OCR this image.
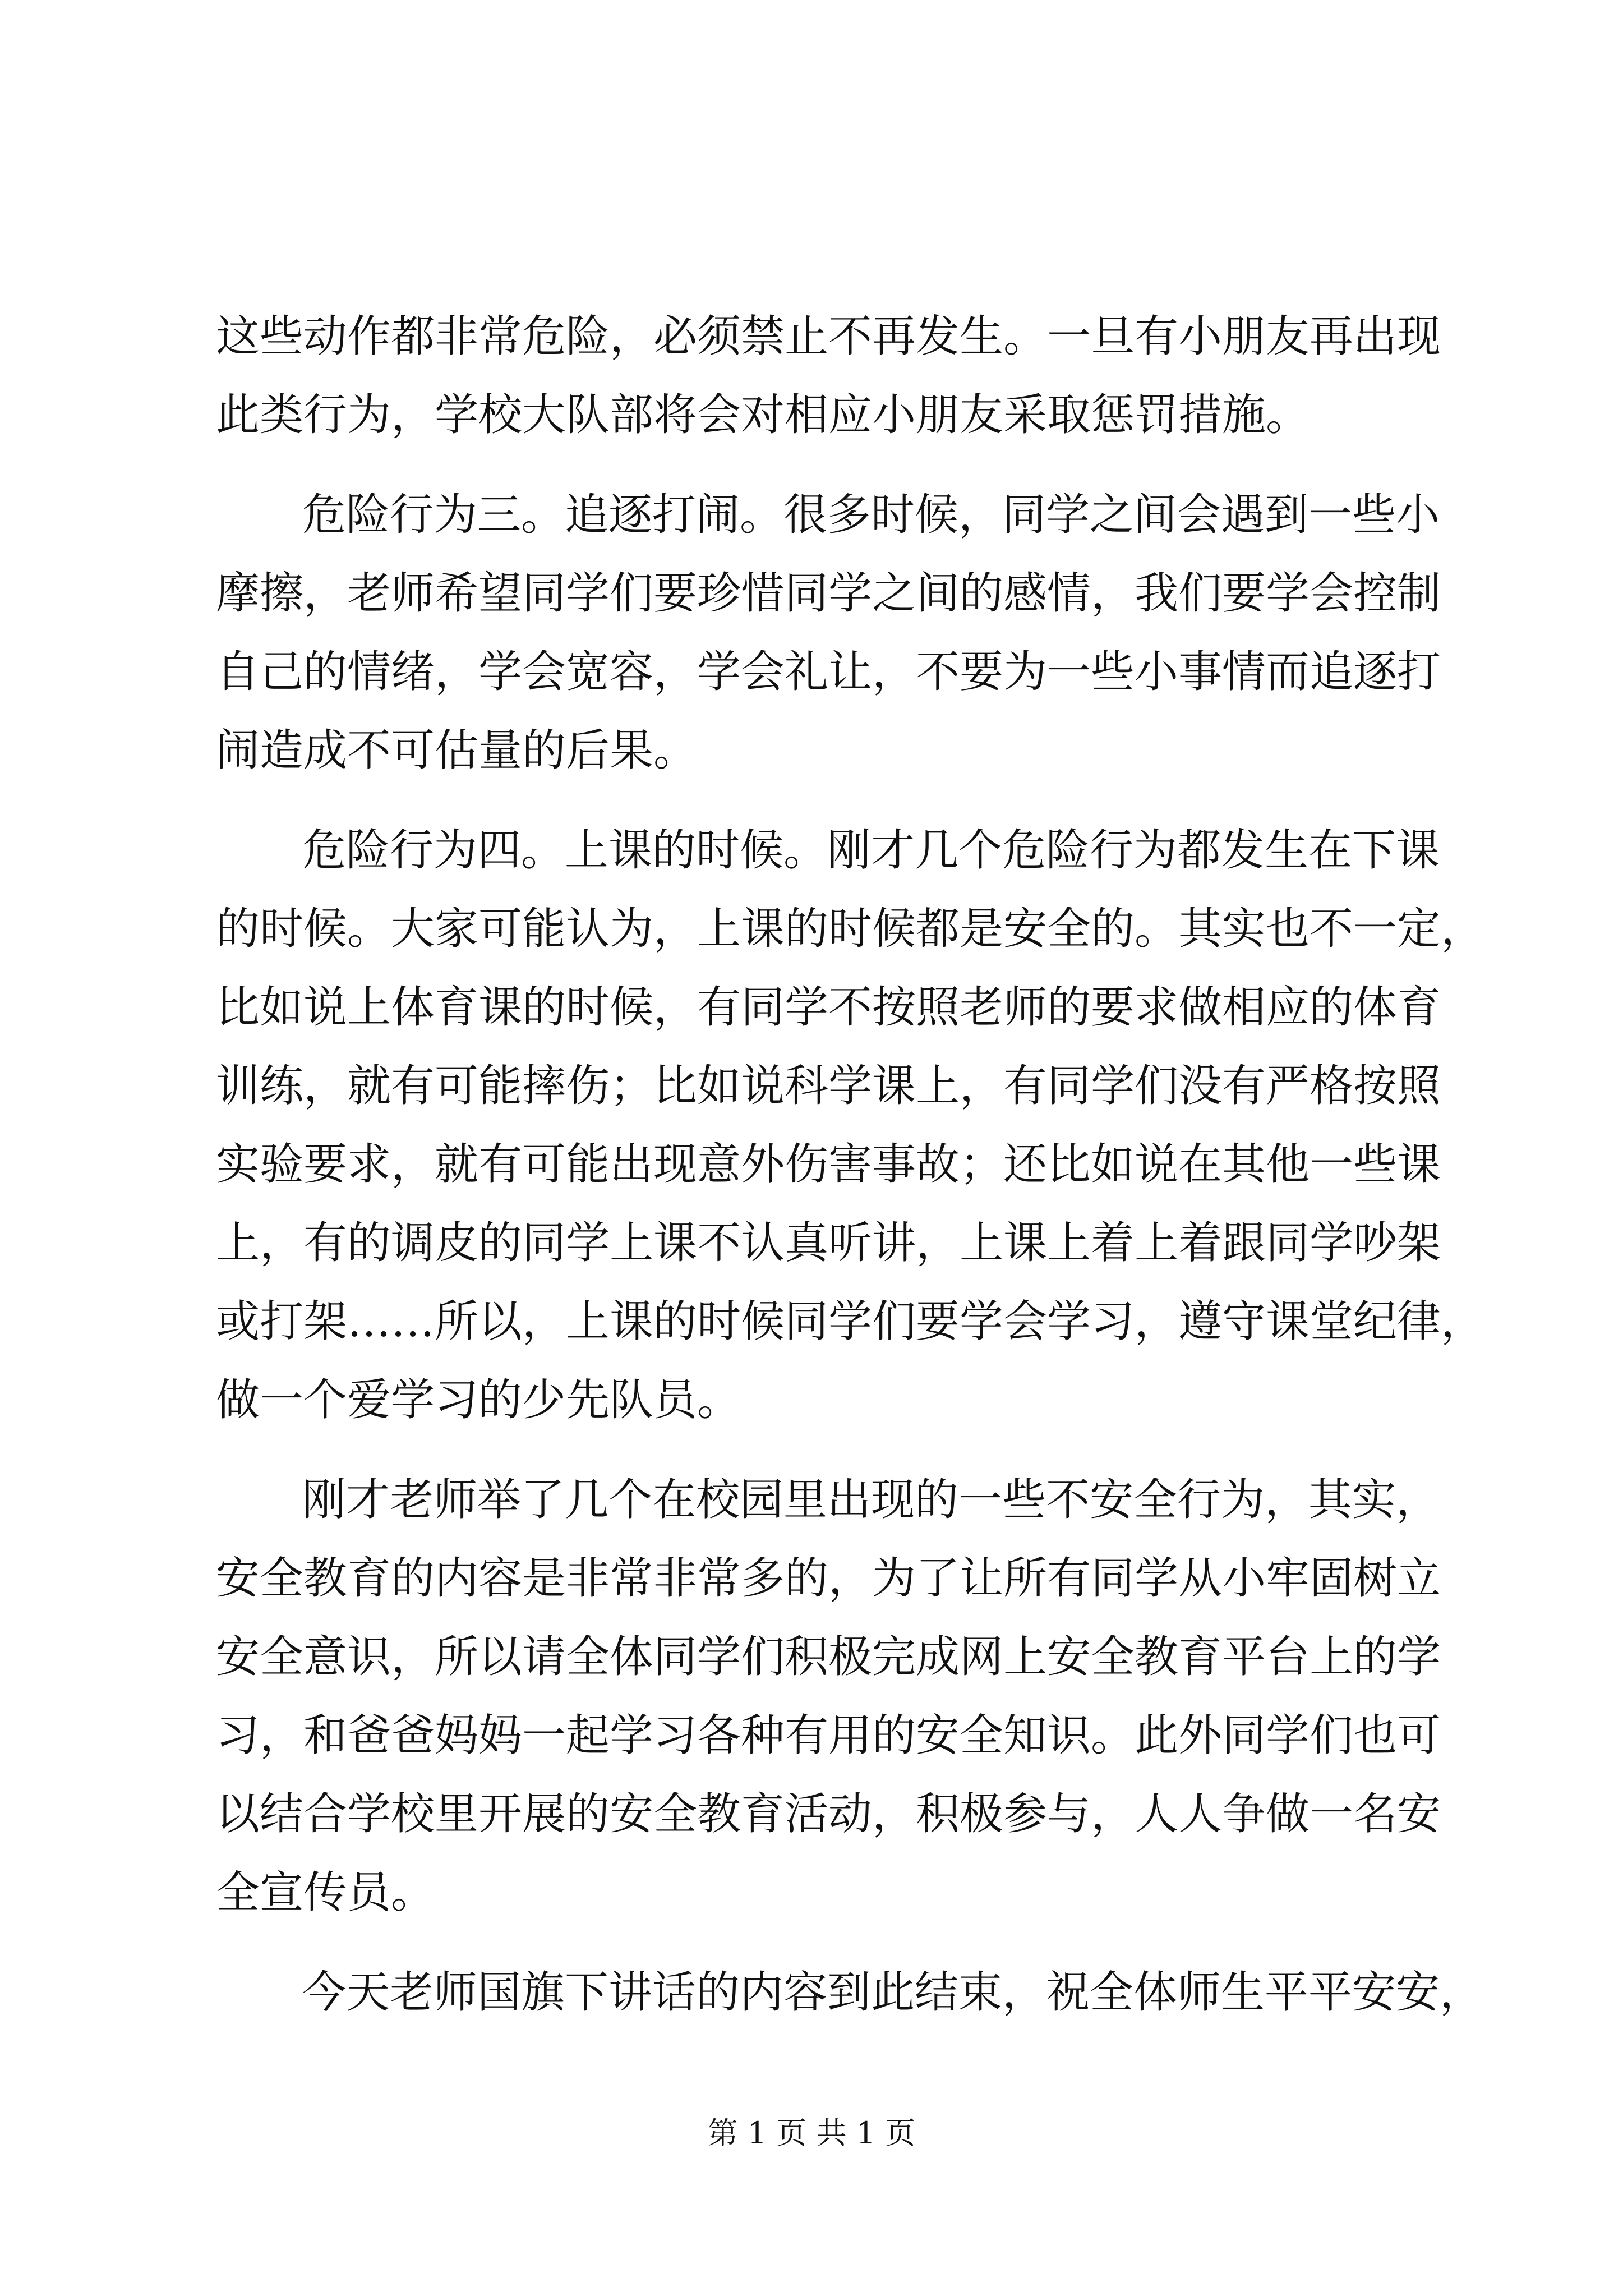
这些动作都非常危险，必须禁止不再发生。一旦有小朋友再出现
此类行为，学校大队部将会对相应小朋友采取惩罚措施。
危险行为三。追逐打闹。很多时候，同学之间会遇到一些小
摩擦，老师希望同学们要珍惜同学之间的感情，我们要学会控制
自己的情绪，学会宽容，学会礼让，不要为一些小事情而追逐打
闹造成不可估量的后果。
危险行为四。上课的时候。刚才几个危险行为都发生在下课
的时候。大家可能认为，上课的时候都是安全的。其实也不一定，
比如说上体育课的时候，有同学不按照老师的要求做相应的体育
训练，就有可能摔伤；比如说科学课上，有同学们没有严格按照
实验要求，就有可能出现意外伤害事故；还比如说在其他一些课
上，有的调皮的同学上课不认真听讲，上课上着上着跟同学吵架
或打架……所以，上课的时候同学们要学会学习，遵守课堂纪律，
做一个爱学习的少先队员。
刚才老师举了几个在校园里出现的一些不安全行为，其实，
安全教育的内容是非常非常多的，为了让所有同学从小牢固树立
安全意识，所以请全体同学们积极完成网上安全教育平台上的学
习，和爸爸妈妈一起学习各种有用的安全知识。此外同学们也可
以结合学校里开展的安全教育活动，积极参与，人人争做一名安
全宣传员。
今天老师国旗下讲话的内容到此结束，祝全体师生平平安安，
第 1 页 共 1 页
